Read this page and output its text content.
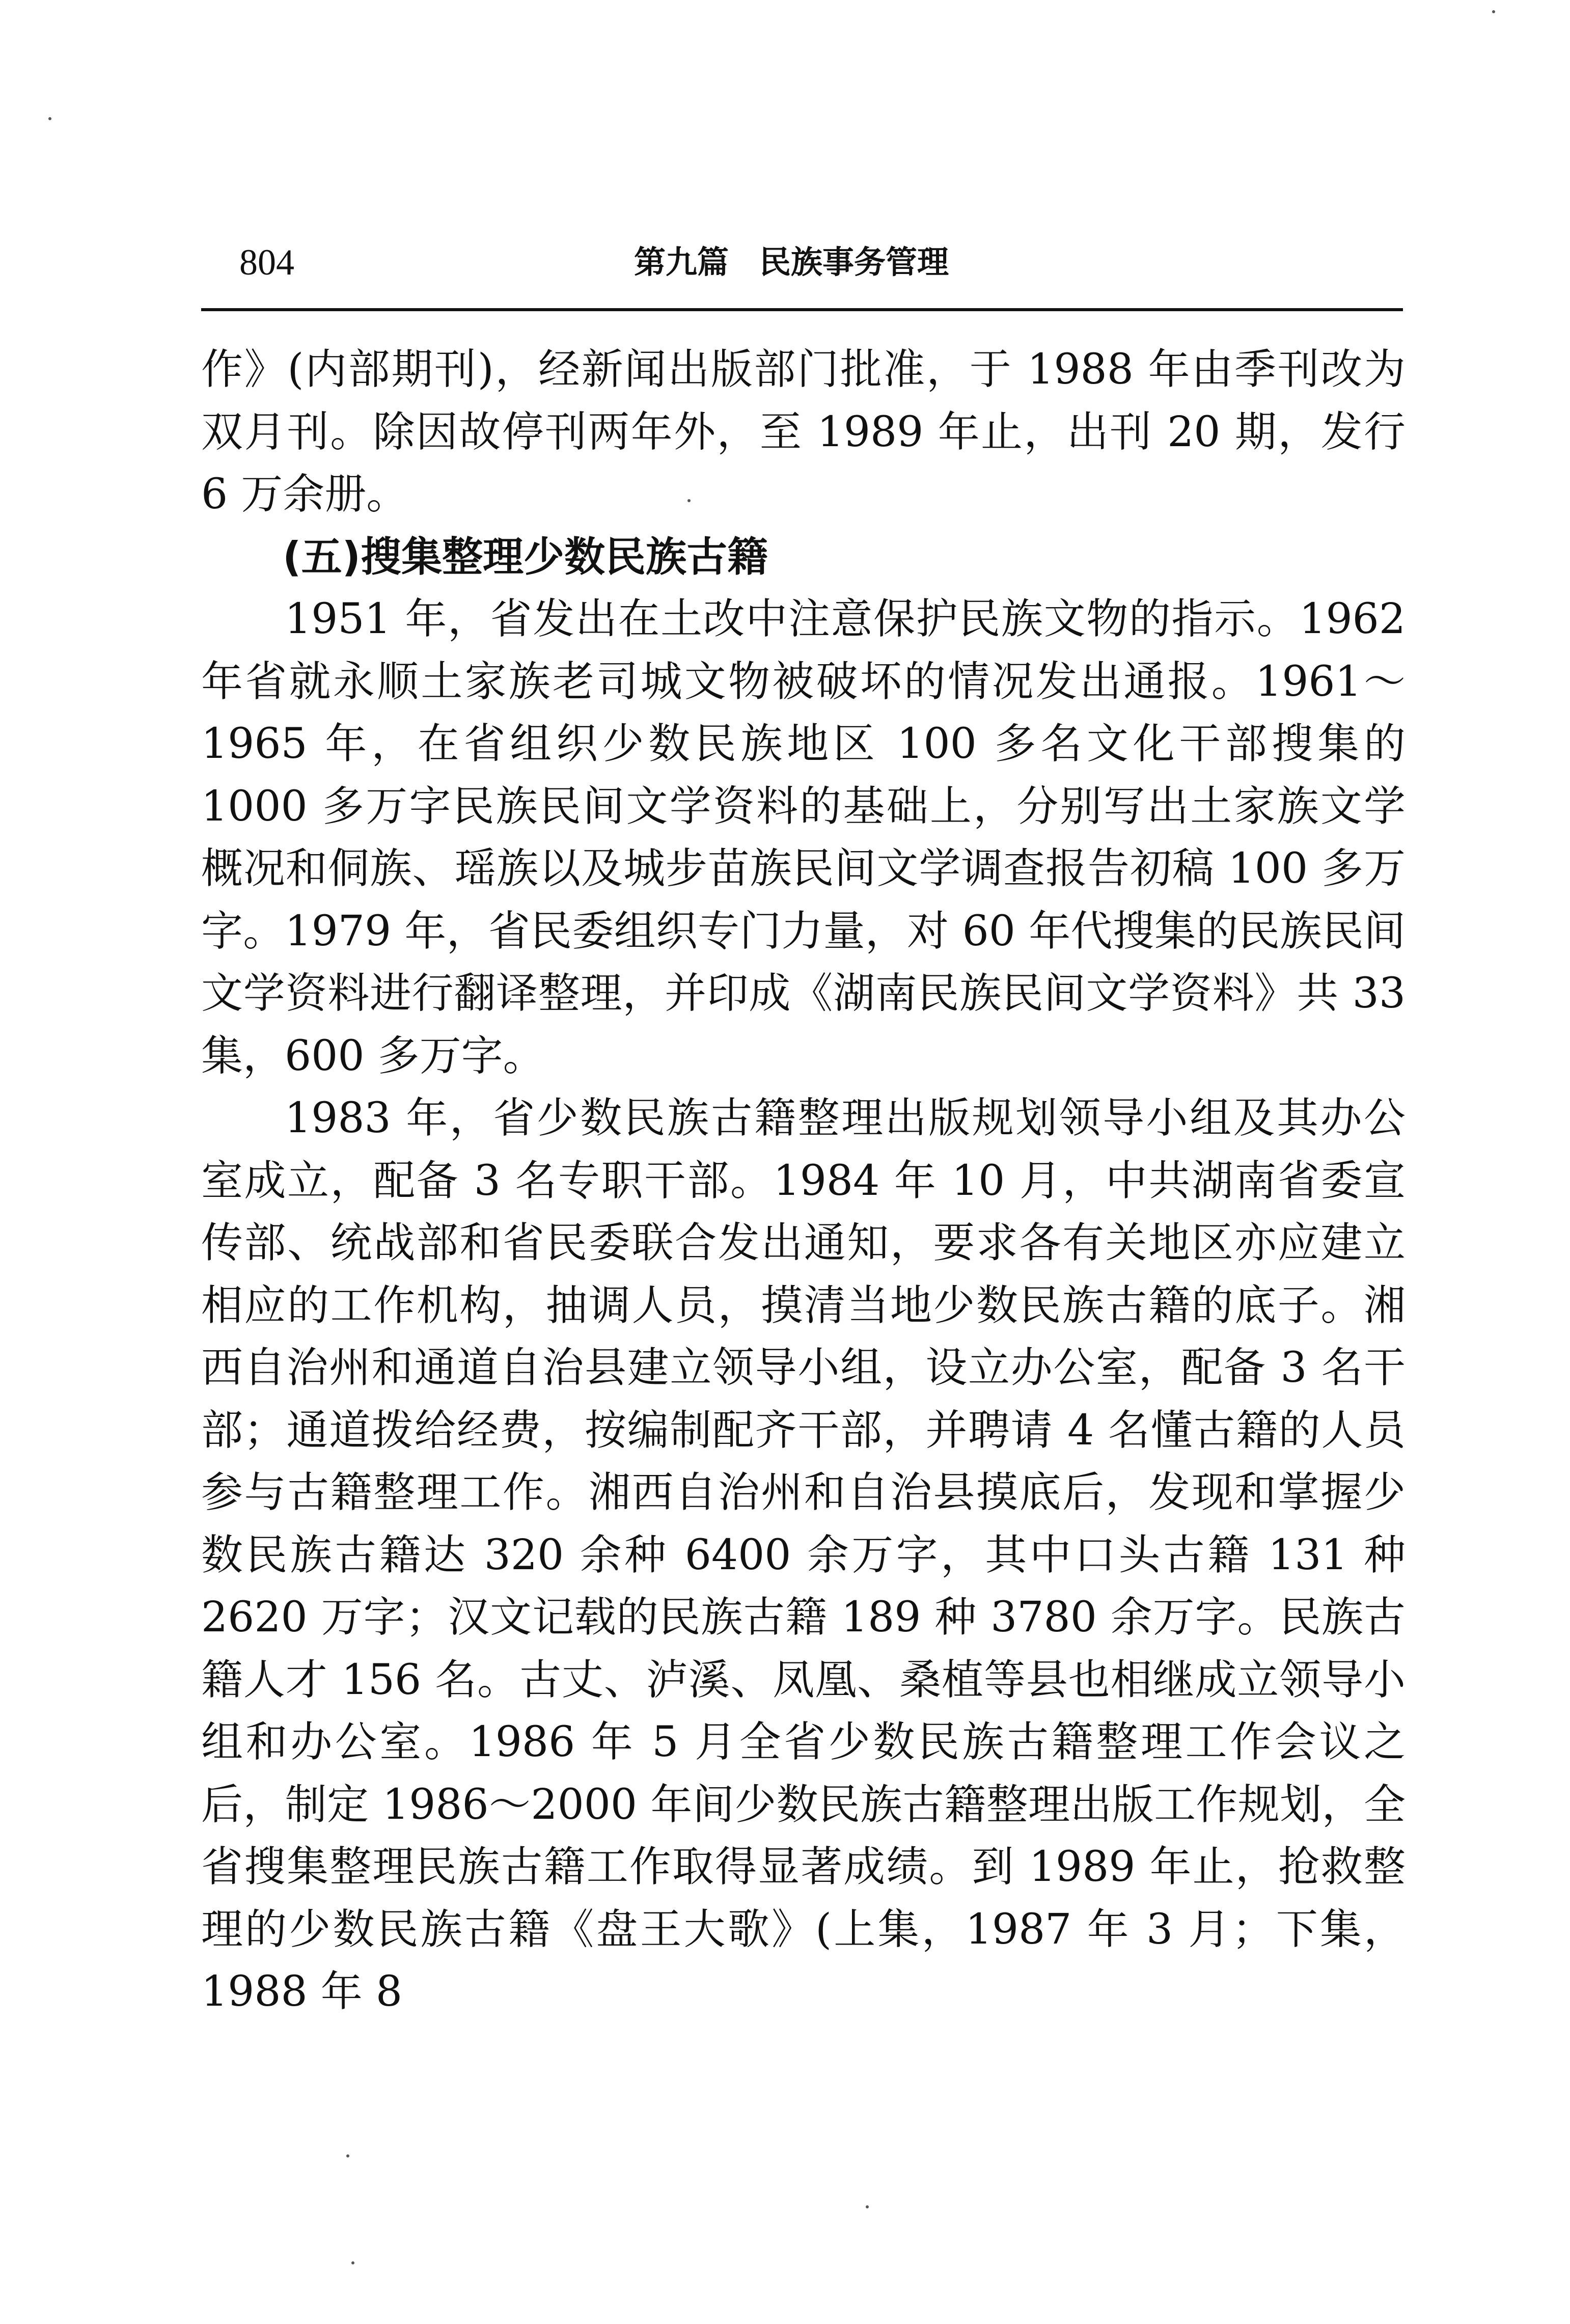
804	第九篇 民族事务管理

作》(内部期刊)，经新闻出版部门批准，于 1988 年由季刊改为双月刊。除因故停刊两年外，至 1989 年止，出刊 20 期，发行 6 万余册。

(五)搜集整理少数民族古籍

1951 年，省发出在土改中注意保护民族文物的指示。1962 年省就永顺土家族老司城文物被破坏的情况发出通报。1961～1965 年，在省组织少数民族地区 100 多名文化干部搜集的 1000 多万字民族民间文学资料的基础上，分别写出土家族文学概况和侗族、瑶族以及城步苗族民间文学调查报告初稿 100 多万字。1979 年，省民委组织专门力量，对 60 年代搜集的民族民间文学资料进行翻译整理，并印成《湖南民族民间文学资料》共 33 集，600 多万字。

1983 年，省少数民族古籍整理出版规划领导小组及其办公室成立，配备 3 名专职干部。1984 年 10 月，中共湖南省委宣传部、统战部和省民委联合发出通知，要求各有关地区亦应建立相应的工作机构，抽调人员，摸清当地少数民族古籍的底子。湘西自治州和通道自治县建立领导小组，设立办公室，配备 3 名干部；通道拨给经费，按编制配齐干部，并聘请 4 名懂古籍的人员参与古籍整理工作。湘西自治州和自治县摸底后，发现和掌握少数民族古籍达 320 余种 6400 余万字，其中口头古籍 131 种 2620 万字；汉文记载的民族古籍 189 种 3780 余万字。民族古籍人才 156 名。古丈、泸溪、凤凰、桑植等县也相继成立领导小组和办公室。1986 年 5 月全省少数民族古籍整理工作会议之后，制定 1986～2000 年间少数民族古籍整理出版工作规划，全省搜集整理民族古籍工作取得显著成绩。到 1989 年止，抢救整理的少数民族古籍《盘王大歌》(上集，1987 年 3 月；下集，1988 年 8
